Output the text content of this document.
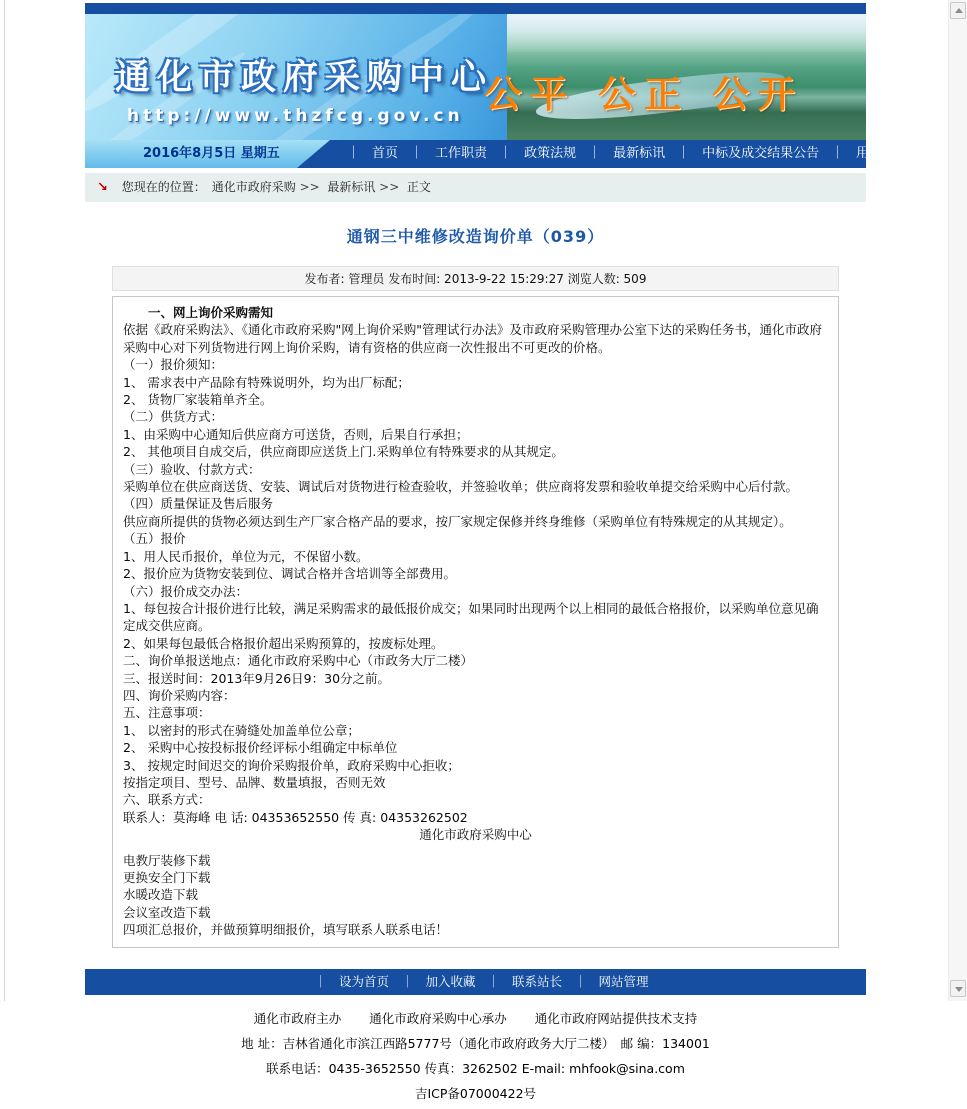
通化市政府采购中心
http://www.thzfcg.gov.cn 公平 公正 公开
2016年8月5日 星期五	｜ 首页	｜ 工作职责	｜ 政策法规	｜ 最新标讯	｜ 中标及成交结果公告	｜ 用户须知 ｜
↘ 您现在的位置： 通化市政府采购	>>  最新标讯	>>  正文
通钢三中维修改造询价单（039）
发布者: 管理员 发布时间: 2013-9-22 15:29:27 浏览人数: 509
一、网上询价采购需知
依据《政府采购法》、《通化市政府采购"网上询价采购"管理试行办法》及市政府采购管理办公室下达的采购任务书，通化市政府采购中心对下列货物进行网上询价采购，请有资格的供应商一次性报出不可更改的价格。
（一）报价须知：
1、 需求表中产品除有特殊说明外，均为出厂标配；
2、 货物厂家装箱单齐全。
（二）供货方式：
1、由采购中心通知后供应商方可送货，否则，后果自行承担；
2、 其他项目自成交后，供应商即应送货上门.采购单位有特殊要求的从其规定。
（三）验收、付款方式：
采购单位在供应商送货、安装、调试后对货物进行检查验收，并签验收单；供应商将发票和验收单提交给采购中心后付款。
（四）质量保证及售后服务
供应商所提供的货物必须达到生产厂家合格产品的要求，按厂家规定保修并终身维修（采购单位有特殊规定的从其规定）。
（五）报价
1、用人民币报价，单位为元，不保留小数。
2、报价应为货物安装到位、调试合格并含培训等全部费用。
（六）报价成交办法：
1、每包按合计报价进行比较，满足采购需求的最低报价成交；如果同时出现两个以上相同的最低合格报价，以采购单位意见确定成交供应商。
2、如果每包最低合格报价超出采购预算的，按废标处理。
二、询价单报送地点：通化市政府采购中心（市政务大厅二楼）
三、报送时间：2013年9月26日9：30分之前。
四、询价采购内容：
五、注意事项：
1、 以密封的形式在骑缝处加盖单位公章；
2、 采购中心按投标报价经评标小组确定中标单位
3、 按规定时间迟交的询价采购报价单，政府采购中心拒收；
按指定项目、型号、品牌、数量填报，否则无效
六、联系方式：
联系人：莫海峰 电 话: 04353652550 传 真: 04353262502
通化市政府采购中心
电教厅装修下载
更换安全门下载
水暖改造下载
会议室改造下载
四项汇总报价，并做预算明细报价，填写联系人联系电话！
｜ 设为首页	｜ 加入收藏	｜ 联系站长	｜ 网站管理
通化市政府主办 通化市政府采购中心承办 通化市政府网站提供技术支持
地 址：吉林省通化市滨江西路5777号（通化市政府政务大厅二楼）　邮 编：134001
联系电话：0435-3652550 传真：3262502 E-mail: mhfook@sina.com
吉ICP备07000422号
